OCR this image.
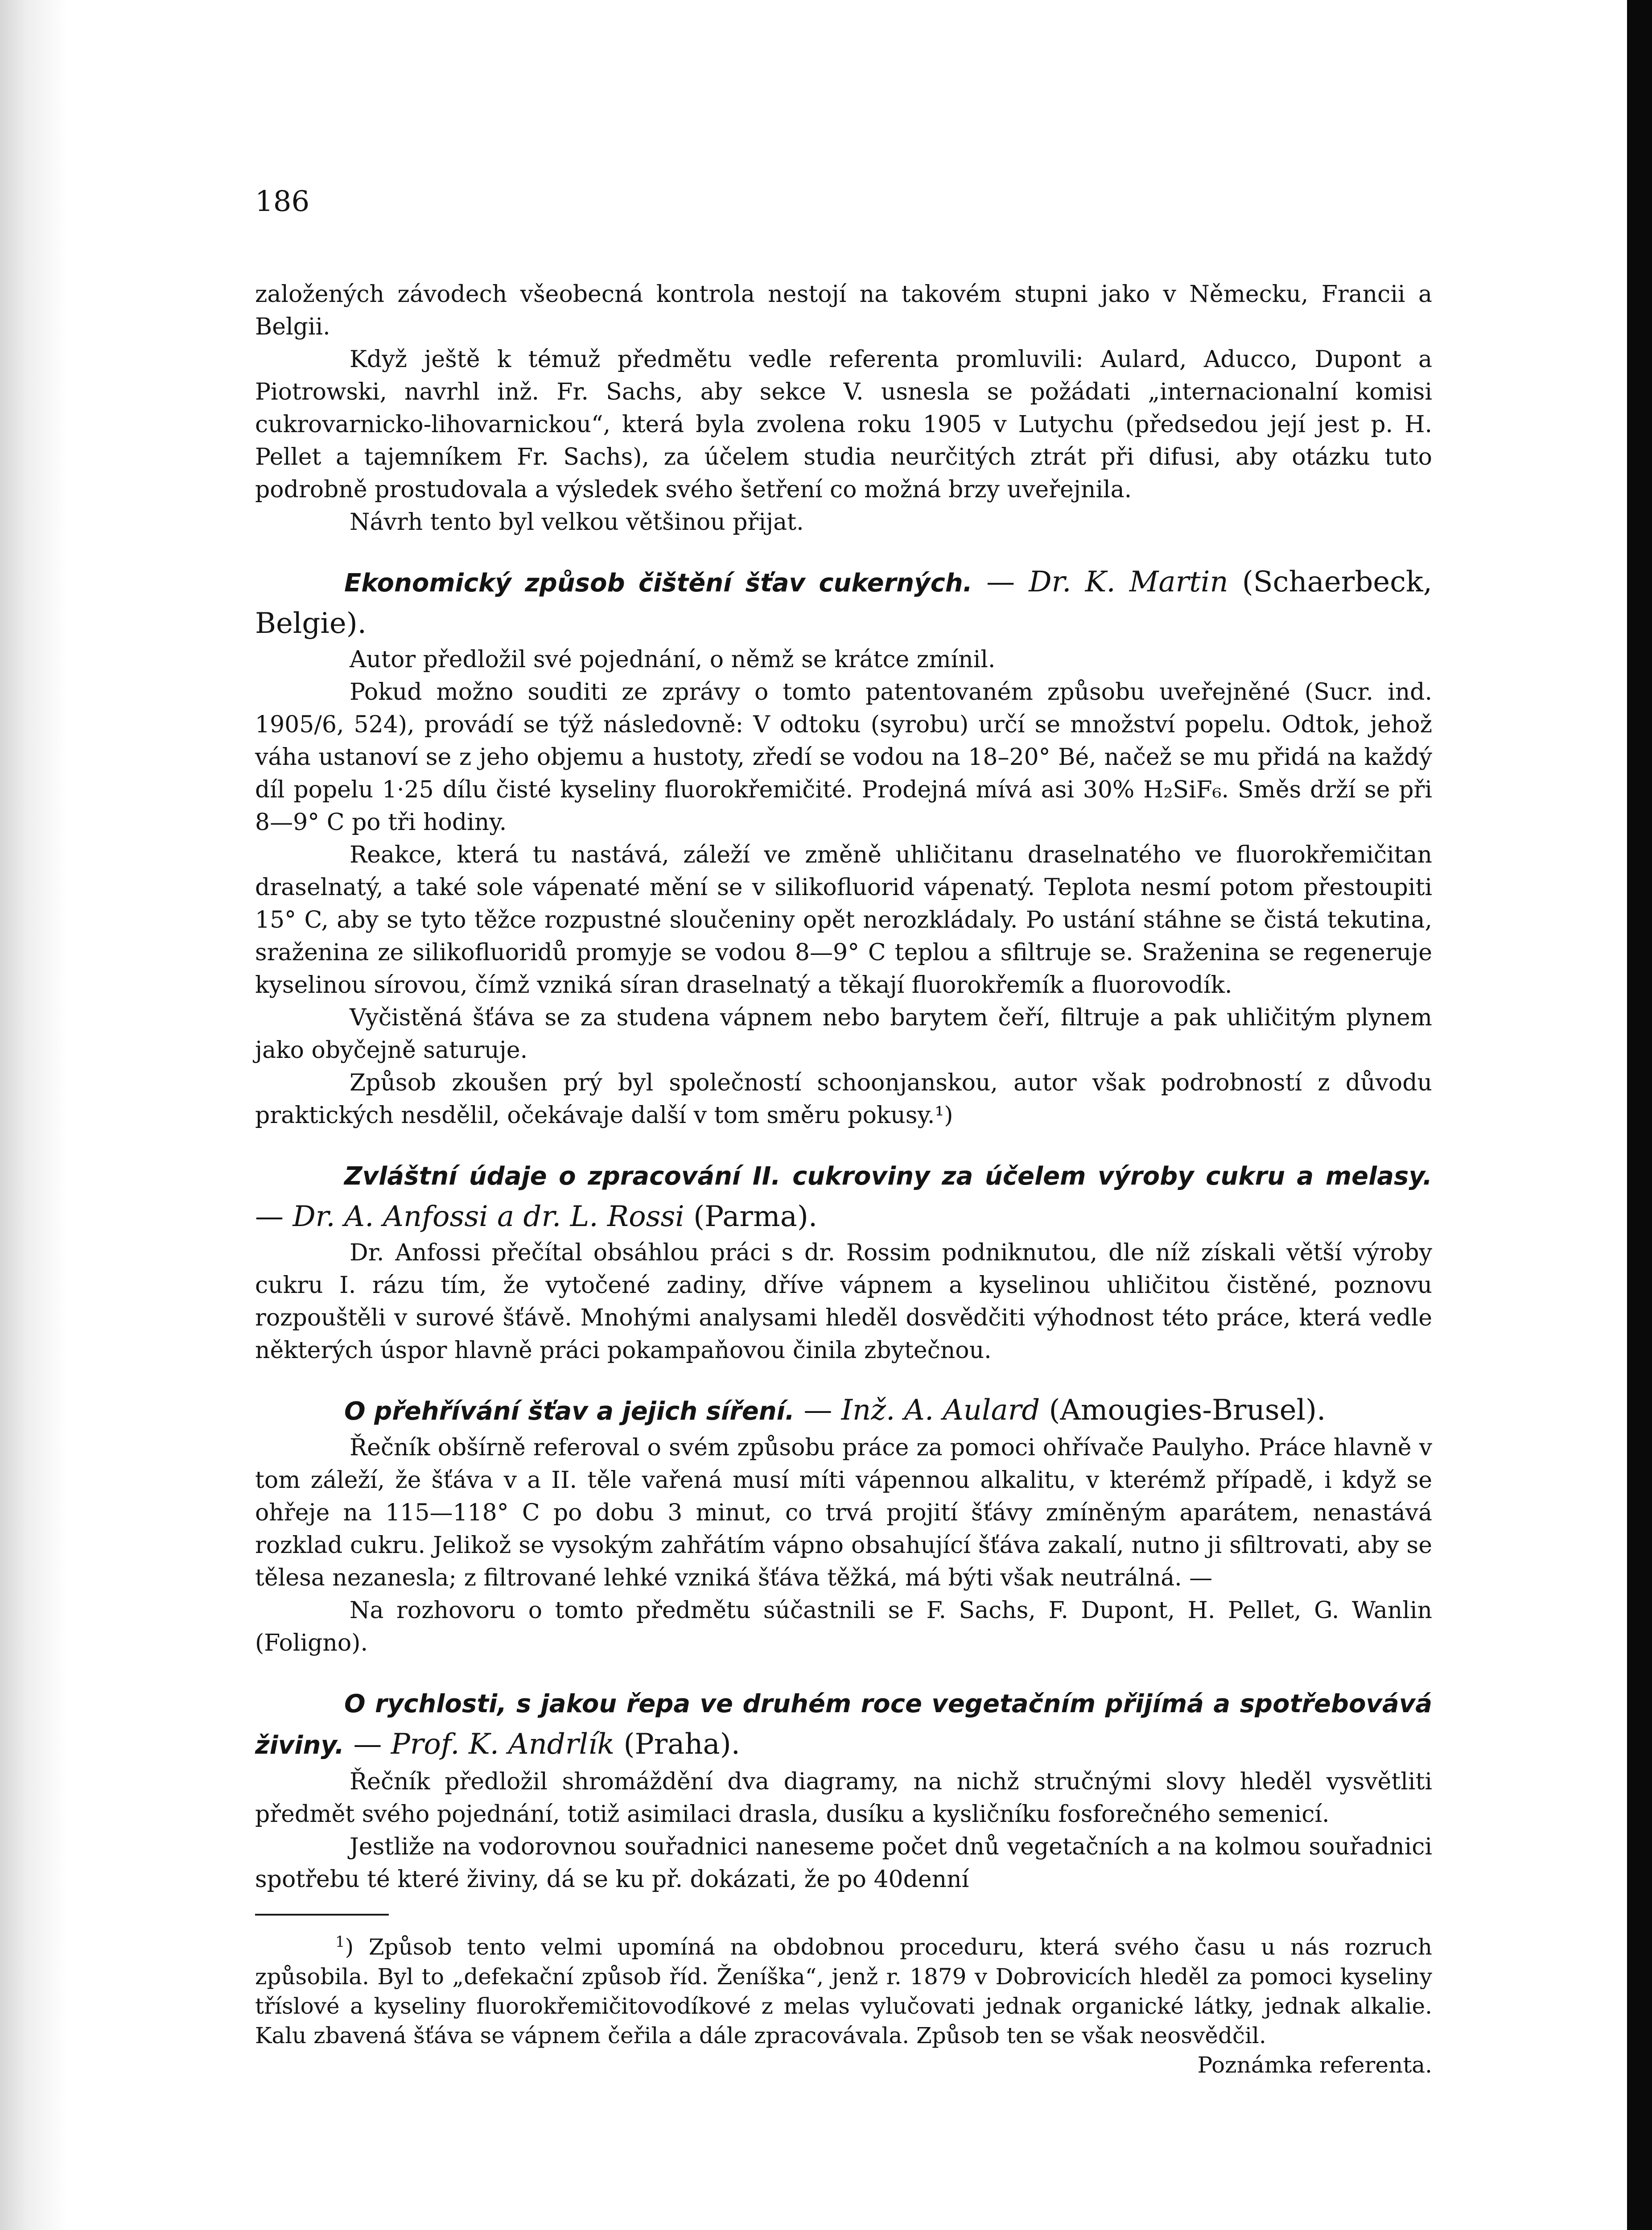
186

založených závodech všeobecná kontrola nestojí na takovém stupni jako v Německu, Francii a Belgii.

Když ještě k témuž předmětu vedle referenta promluvili: Aulard, Aducco, Dupont a Piotrowski, navrhl inž. Fr. Sachs, aby sekce V. usnesla se požádati „internacionalní komisi cukrovarnicko-lihovarnickou“, která byla zvolena roku 1905 v Lutychu (předsedou její jest p. H. Pellet a tajemníkem Fr. Sachs), za účelem studia neurčitých ztrát při difusi, aby otázku tuto podrobně prostudovala a výsledek svého šetření co možná brzy uveřejnila.

Návrh tento byl velkou většinou přijat.

Ekonomický způsob čištění šťav cukerných. — Dr. K. Martin (Schaerbeck, Belgie).

Autor předložil své pojednání, o němž se krátce zmínil.

Pokud možno souditi ze zprávy o tomto patentovaném způsobu uveřejněné (Sucr. ind. 1905/6, 524), provádí se týž následovně: V odtoku (syrobu) určí se množství popelu. Odtok, jehož váha ustanoví se z jeho objemu a hustoty, zředí se vodou na 18–20° Bé, načež se mu přidá na každý díl popelu 1·25 dílu čisté kyseliny fluorokřemičité. Prodejná mívá asi 30% H₂SiF₆. Směs drží se při 8—9° C po tři hodiny.

Reakce, která tu nastává, záleží ve změně uhličitanu draselnatého ve fluorokřemičitan draselnatý, a také sole vápenaté mění se v silikofluorid vápenatý. Teplota nesmí potom přestoupiti 15° C, aby se tyto těžce rozpustné sloučeniny opět nerozkládaly. Po ustání stáhne se čistá tekutina, sraženina ze silikofluoridů promyje se vodou 8—9° C teplou a sfiltruje se. Sraženina se regeneruje kyselinou sírovou, čímž vzniká síran draselnatý a těkají fluorokřemík a fluorovodík.

Vyčistěná šťáva se za studena vápnem nebo barytem čeří, filtruje a pak uhličitým plynem jako obyčejně saturuje.

Způsob zkoušen prý byl společností schoonjanskou, autor však podrobností z důvodu praktických nesdělil, očekávaje další v tom směru pokusy.¹)

Zvláštní údaje o zpracování II. cukroviny za účelem výroby cukru a melasy. — Dr. A. Anfossi a dr. L. Rossi (Parma).

Dr. Anfossi přečítal obsáhlou práci s dr. Rossim podniknutou, dle níž získali větší výroby cukru I. rázu tím, že vytočené zadiny, dříve vápnem a kyselinou uhličitou čistěné, poznovu rozpouštěli v surové šťávě. Mnohými analysami hleděl dosvědčiti výhodnost této práce, která vedle některých úspor hlavně práci pokampaňovou činila zbytečnou.

O přehřívání šťav a jejich síření. — Inž. A. Aulard (Amougies-Brusel).

Řečník obšírně referoval o svém způsobu práce za pomoci ohřívače Paulyho. Práce hlavně v tom záleží, že šťáva v a II. těle vařená musí míti vápennou alkalitu, v kterémž případě, i když se ohřeje na 115—118° C po dobu 3 minut, co trvá projití šťávy zmíněným aparátem, nenastává rozklad cukru. Jelikož se vysokým zahřátím vápno obsahující šťáva zakalí, nutno ji sfiltrovati, aby se tělesa nezanesla; z filtrované lehké vzniká šťáva těžká, má býti však neutrálná. —

Na rozhovoru o tomto předmětu súčastnili se F. Sachs, F. Dupont, H. Pellet, G. Wanlin (Foligno).

O rychlosti, s jakou řepa ve druhém roce vegetačním přijímá a spotřebovává živiny. — Prof. K. Andrlík (Praha).

Řečník předložil shromáždění dva diagramy, na nichž stručnými slovy hleděl vysvětliti předmět svého pojednání, totiž asimilaci drasla, dusíku a kysličníku fosforečného semenicí.

Jestliže na vodorovnou souřadnici naneseme počet dnů vegetačních a na kolmou souřadnici spotřebu té které živiny, dá se ku př. dokázati, že po 40denní

$^1$) Způsob tento velmi upomíná na obdobnou proceduru, která svého času u nás rozruch způsobila. Byl to „defekační způsob říd. Ženíška“, jenž r. 1879 v Dobrovicích hleděl za pomoci kyseliny tříslové a kyseliny fluorokřemičitovodíkové z melas vylučovati jednak organické látky, jednak alkalie. Kalu zbavená šťáva se vápnem čeřila a dále zpracovávala. Způsob ten se však neosvědčil.
Poznámka referenta.
